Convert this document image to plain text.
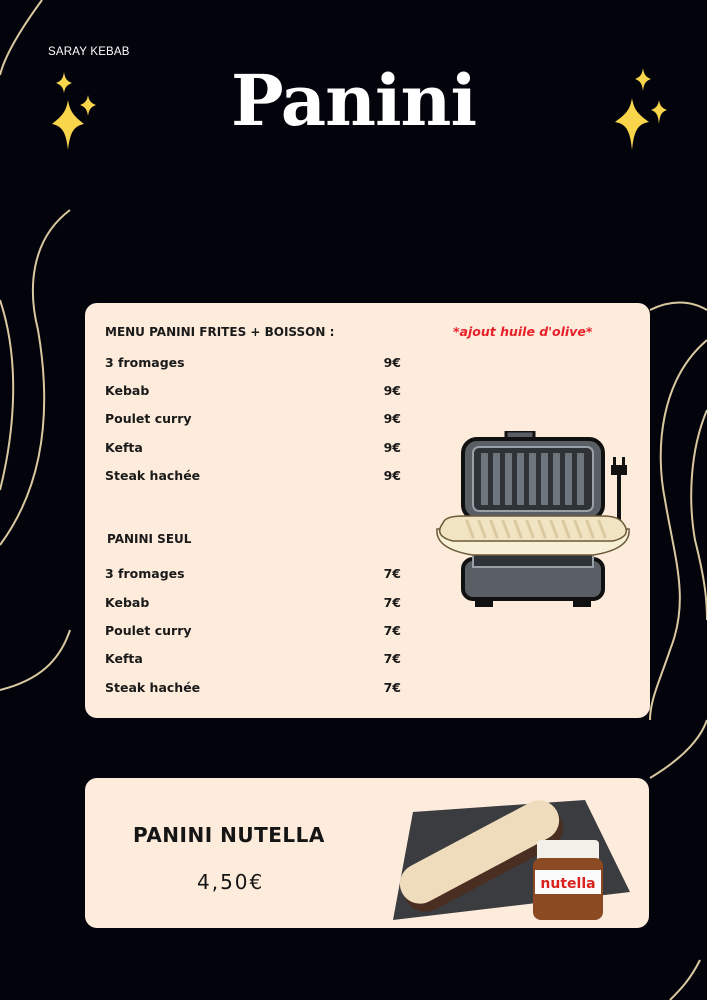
SARAY KEBAB
Panini
MENU PANINI FRITES + BOISSON :	*ajout huile d'olive*
3 fromages	9€
Kebab	9€
Poulet curry	9€
Kefta	9€
Steak hachée	9€
PANINI SEUL
3 fromages	7€
Kebab	7€
Poulet curry	7€
Kefta	7€
Steak hachée	7€
PANINI NUTELLA
4,50€	nutella
